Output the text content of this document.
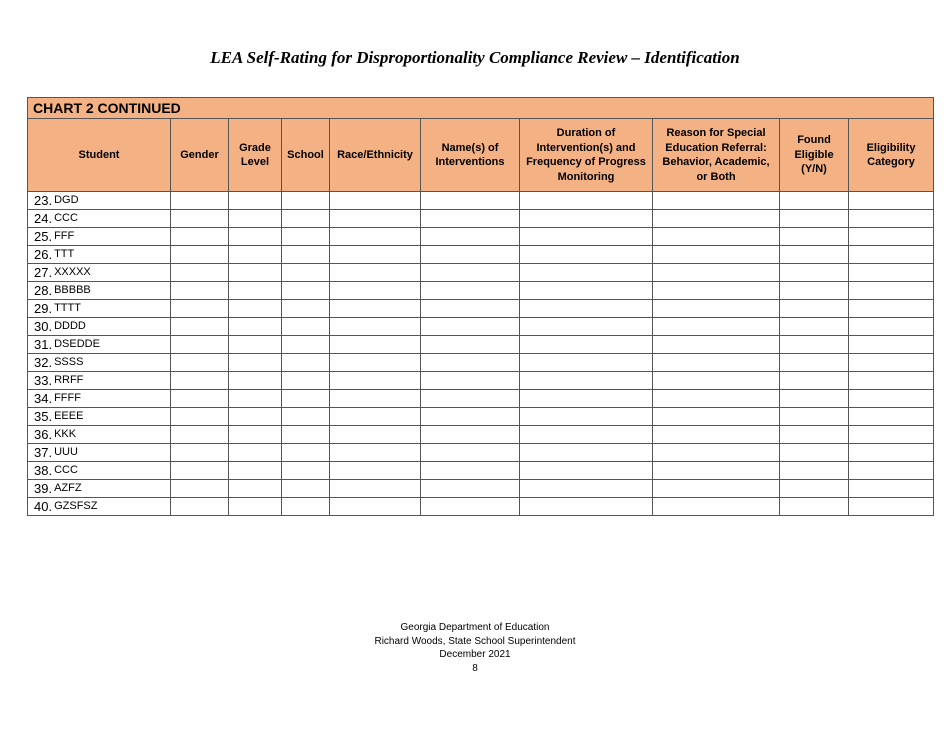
LEA Self-Rating for Disproportionality Compliance Review – Identification
CHART 2 CONTINUED									
Student	Gender	Grade Level	School	Race/Ethnicity	Name(s) of Interventions	Duration of Intervention(s) and Frequency of Progress Monitoring	Reason for Special Education Referral: Behavior, Academic, or Both	Found Eligible (Y/N)	Eligibility Category
23. DGD									
24. CCC									
25. FFF									
26. TTT									
27. XXXXX									
28. BBBBB									
29. TTTT									
30. DDDD									
31. DSEDDE									
32. SSSS									
33. RRFF									
34. FFFF									
35. EEEE									
36. KKK									
37. UUU									
38. CCC									
39. AZFZ									
40. GZSFSZ									
Georgia Department of Education
Richard Woods, State School Superintendent
December 2021
8
